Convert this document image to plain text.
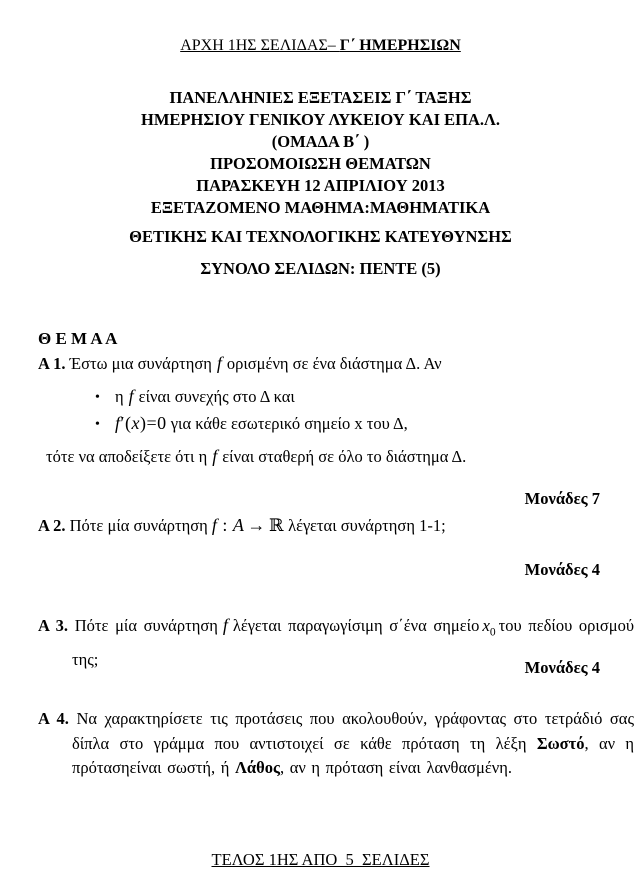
ΑΡΧΗ 1ΗΣ ΣΕΛΙΔΑΣ– Γ΄ ΗΜΕΡΗΣΙΩΝ
ΠΑΝΕΛΛΗΝΙΕΣ ΕΞΕΤΑΣΕΙΣ Γ΄ ΤΑΞΗΣ
ΗΜΕΡΗΣΙΟΥ ΓΕΝΙΚΟΥ ΛΥΚΕΙΟΥ ΚΑΙ ΕΠΑ.Λ.
(ΟΜΑΔΑ Β΄ )
ΠΡΟΣΟΜΟΙΩΣΗ ΘΕΜΑΤΩΝ
ΠΑΡΑΣΚΕΥΗ 12 ΑΠΡΙΛΙΟΥ 2013
ΕΞΕΤΑΖΟΜΕΝΟ ΜΑΘΗΜΑ:ΜΑΘΗΜΑΤΙΚΑ
ΘΕΤΙΚΗΣ ΚΑΙ ΤΕΧΝΟΛΟΓΙΚΗΣ ΚΑΤΕΥΘΥΝΣΗΣ
ΣΥΝΟΛΟ ΣΕΛΙΔΩΝ: ΠΕΝΤΕ (5)
Θ Ε Μ Α Α
Α 1. Έστω μια συνάρτηση f ορισμένη σε ένα διάστημα Δ. Αν
• η f είναι συνεχής στο Δ και
• f′(x)=0 για κάθε εσωτερικό σημείο x του Δ,
τότε να αποδείξετε ότι η f είναι σταθερή σε όλο το διάστημα Δ.
Μονάδες 7
Α 2. Πότε μία συνάρτηση f : A → ℝ λέγεται συνάρτηση 1-1;
Μονάδες 4
Α 3. Πότε μία συνάρτηση f λέγεται παραγωγίσιμη σ΄ένα σημείο $x_0$ του πεδίου ορισμού της;	Μονάδες 4
Α 4. Να χαρακτηρίσετε τις προτάσεις που ακολουθούν, γράφοντας στο τετράδιό σας δίπλα στο γράμμα που αντιστοιχεί σε κάθε πρόταση τη λέξη Σωστό, αν η πρότασηείναι σωστή, ή Λάθος, αν η πρόταση είναι λανθασμένη.
ΤΕΛΟΣ 1ΗΣ ΑΠΟ  5  ΣΕΛΙΔΕΣ
